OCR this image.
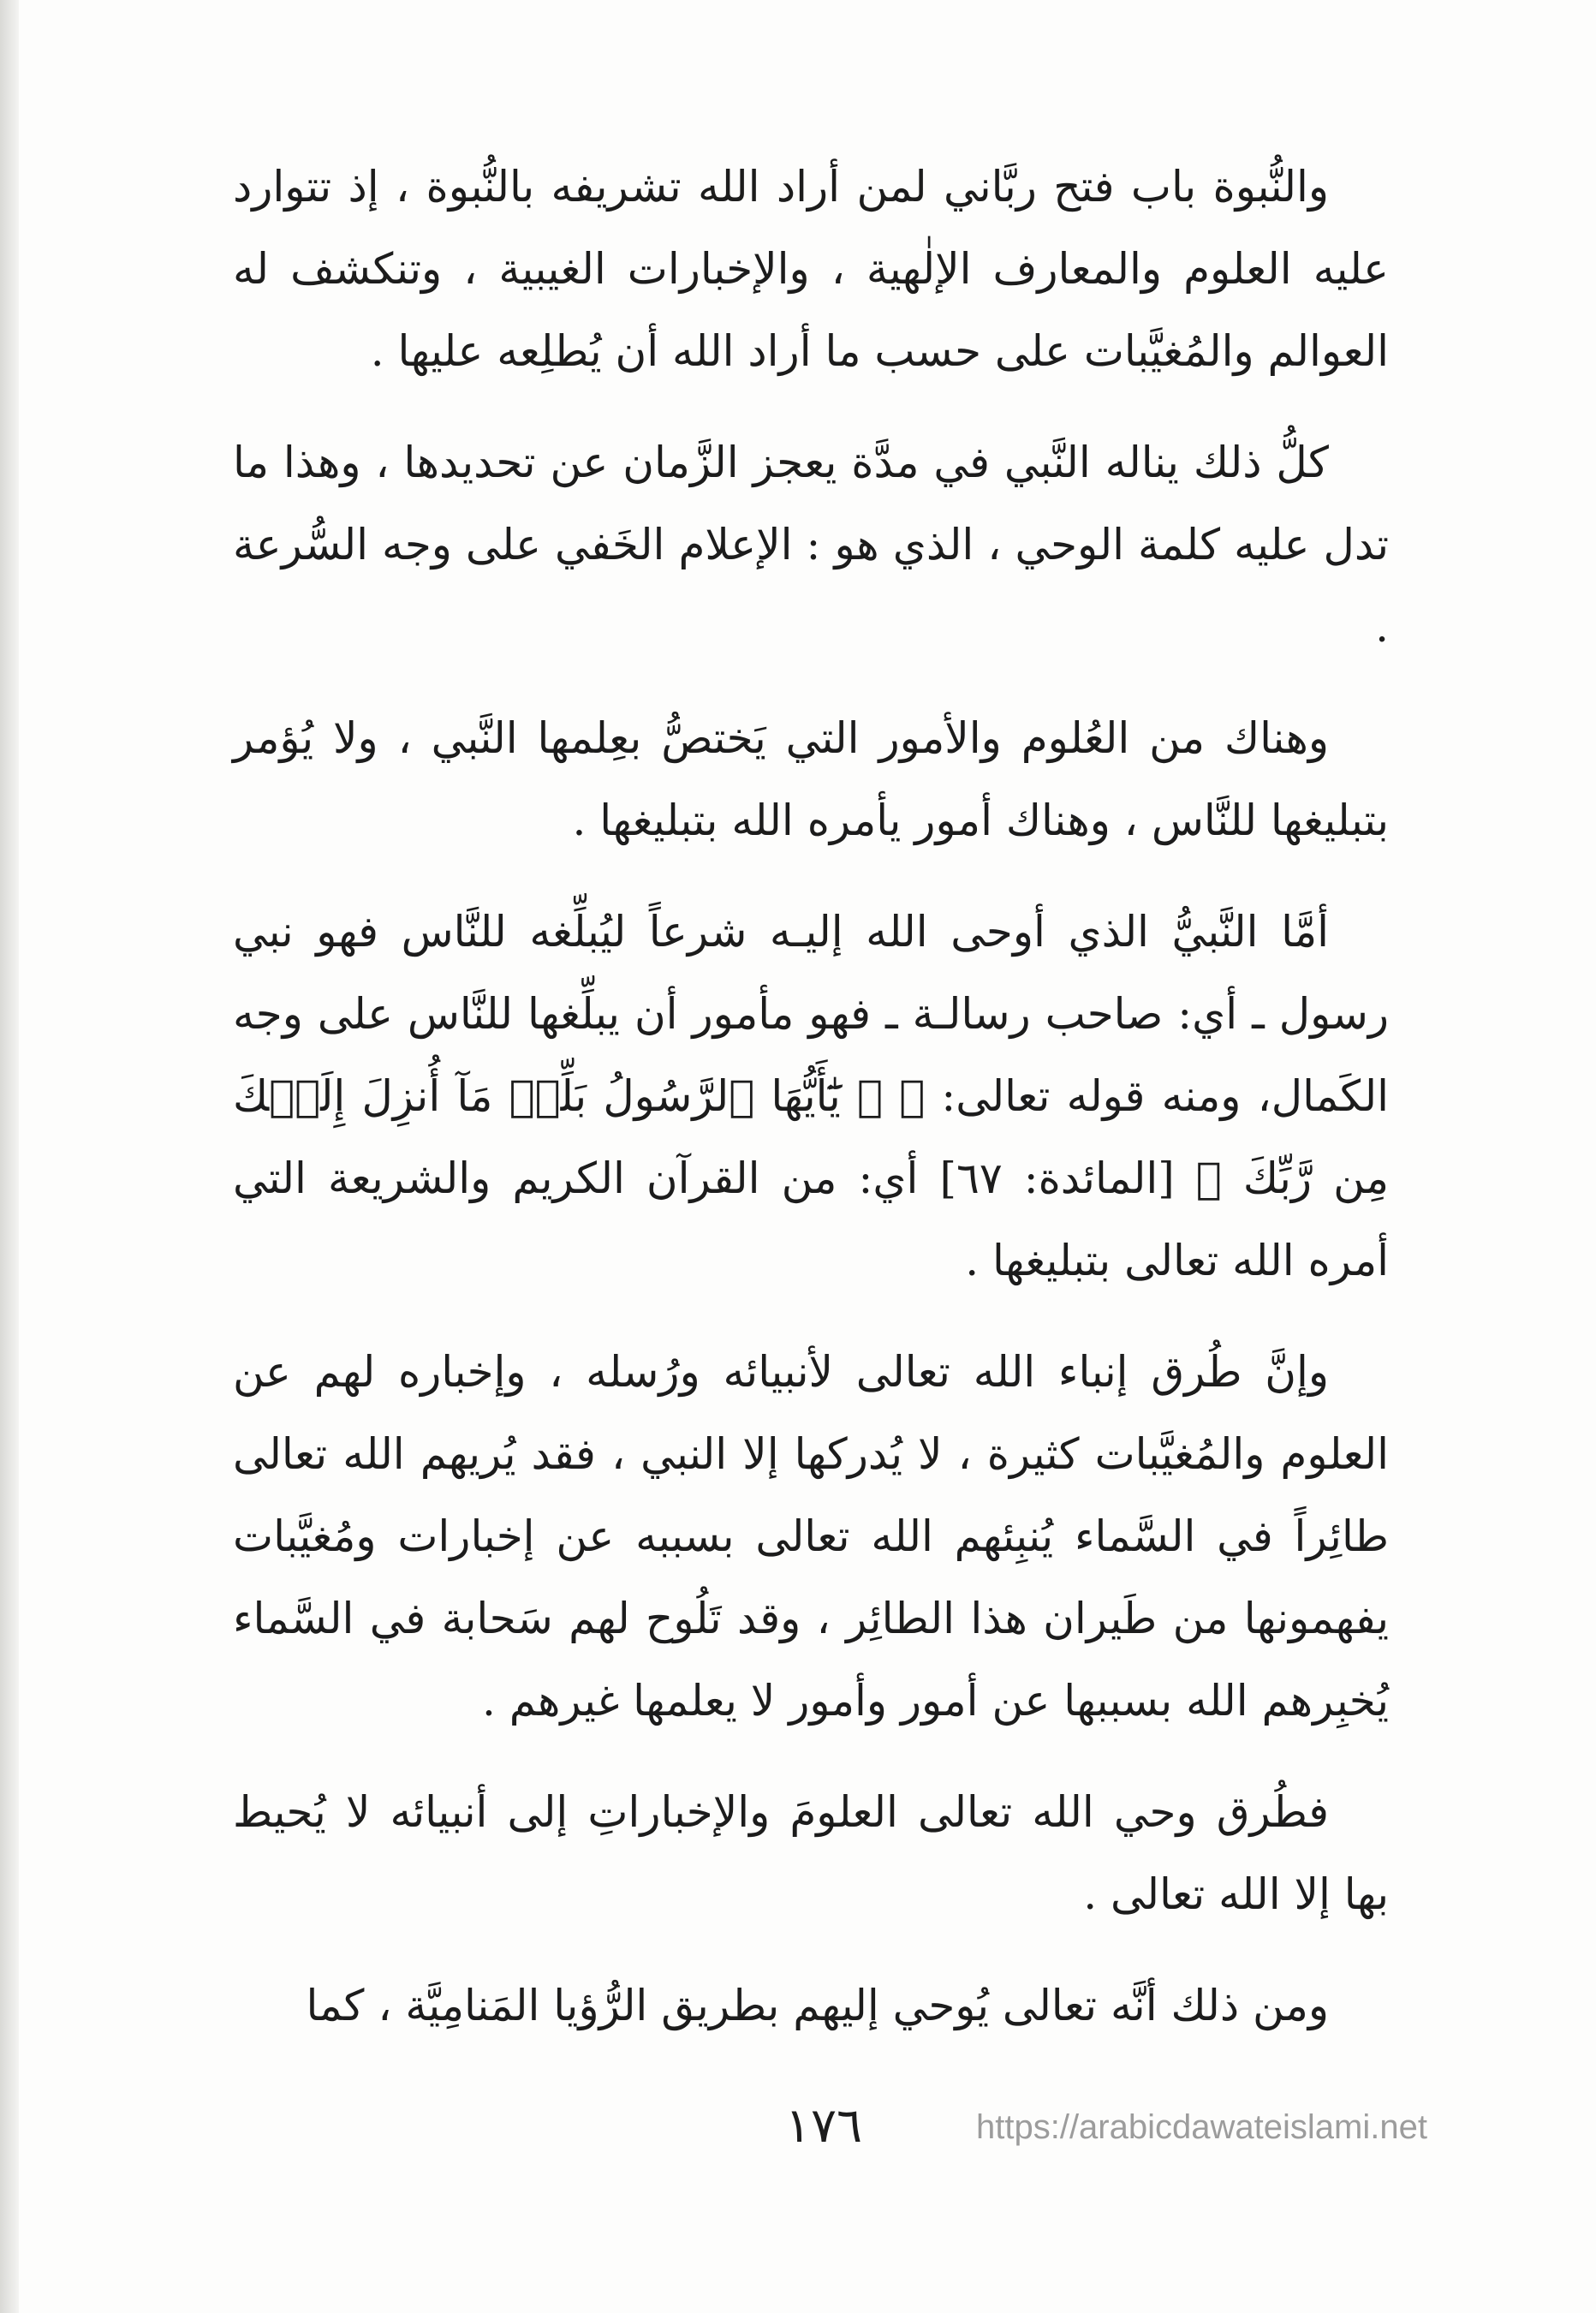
والنُّبوة باب فتح ربَّاني لمن أراد الله تشريفه بالنُّبوة ، إذ تتوارد عليه العلوم والمعارف الإلٰهية ، والإخبارات الغيبية ، وتنكشف له العوالم والمُغيَّبات على حسب ما أراد الله أن يُطلِعه عليها .

كلُّ ذلك يناله النَّبي في مدَّة يعجز الزَّمان عن تحديدها ، وهذا ما تدل عليه كلمة الوحي ، الذي هو : الإعلام الخَفي على وجه السُّرعة .

وهناك من العُلوم والأمور التي يَختصُّ بعِلمها النَّبي ، ولا يُؤمر بتبليغها للنَّاس ، وهناك أمور يأمره الله بتبليغها .

أمَّا النَّبيُّ الذي أوحى الله إليـه شرعاً ليُبلِّغه للنَّاس فهو نبي رسول ـ أي: صاحب رسالـة ـ فهو مأمور أن يبلِّغها للنَّاس على وجه الكَمال، ومنه قوله تعالى: ﴿ ۞ يَٰٓأَيُّهَا ٱلرَّسُولُ بَلِّغۡ مَآ أُنزِلَ إِلَيۡكَ مِن رَّبِّكَ ﴾ [المائدة: ٦٧] أي: من القرآن الكريم والشريعة التي أمره الله تعالى بتبليغها .

وإنَّ طُرق إنباء الله تعالى لأنبيائه ورُسله ، وإخباره لهم عن العلوم والمُغيَّبات كثيرة ، لا يُدركها إلا النبي ، فقد يُريهم الله تعالى طائِراً في السَّماء يُنبِئهم الله تعالى بسببه عن إخبارات ومُغيَّبات يفهمونها من طَيران هذا الطائِر ، وقد تَلُوح لهم سَحابة في السَّماء يُخبِرهم الله بسببها عن أمور وأمور لا يعلمها غيرهم .

فطُرق وحي الله تعالى العلومَ والإخباراتِ إلى أنبيائه لا يُحيط بها إلا الله تعالى .

ومن ذلك أنَّه تعالى يُوحي إليهم بطريق الرُّؤيا المَنامِيَّة ، كما

١٧٦	https://arabicdawateislami.net
